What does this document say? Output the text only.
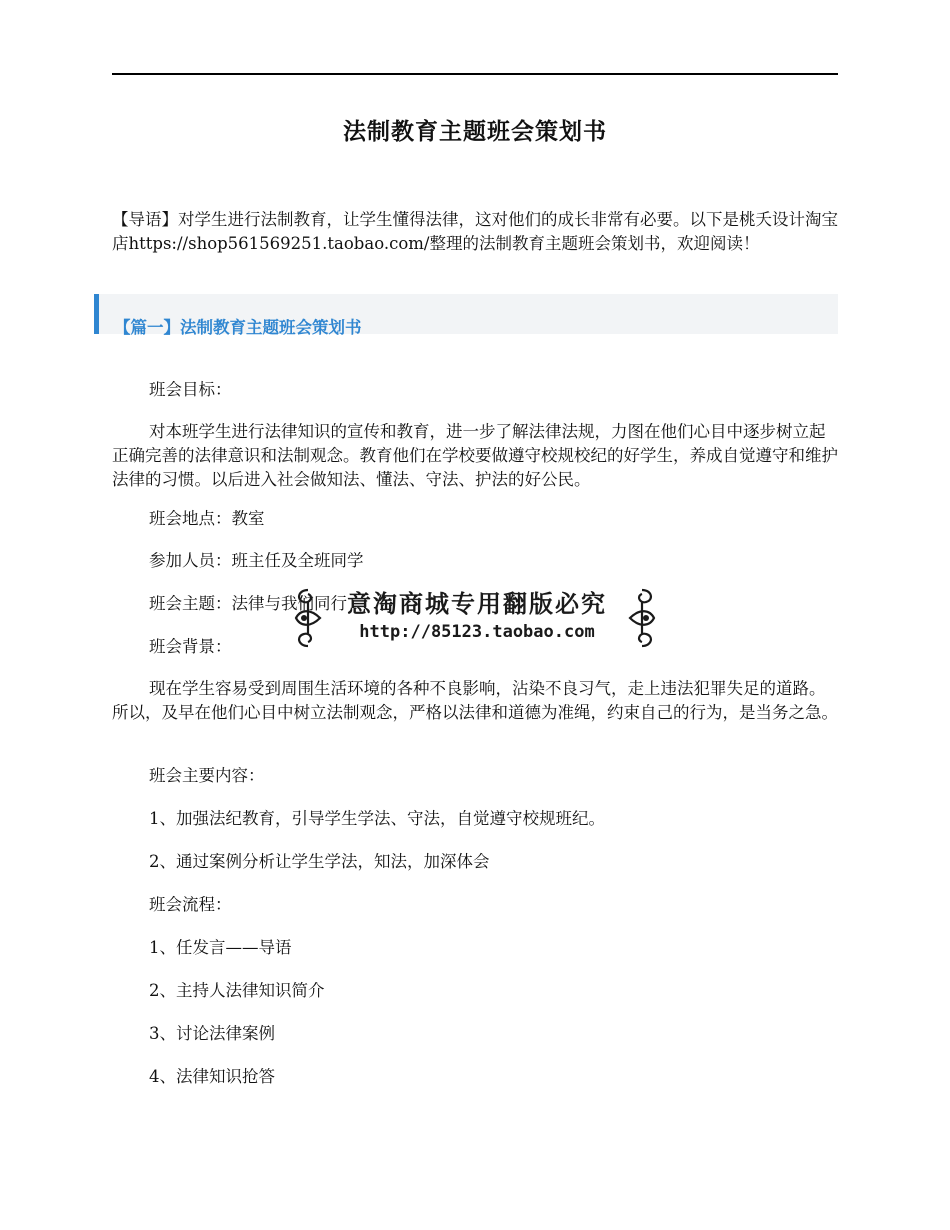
法制教育主题班会策划书

【导语】对学生进行法制教育，让学生懂得法律，这对他们的成长非常有必要。以下是桃夭设计淘宝店https://shop561569251.taobao.com/整理的法制教育主题班会策划书，欢迎阅读！

【篇一】法制教育主题班会策划书

班会目标：

对本班学生进行法律知识的宣传和教育，进一步了解法律法规，力图在他们心目中逐步树立起正确完善的法律意识和法制观念。教育他们在学校要做遵守校规校纪的好学生，养成自觉遵守和维护法律的习惯。以后进入社会做知法、懂法、守法、护法的好公民。

班会地点：教室

参加人员：班主任及全班同学

班会主题：法律与我们同行

班会背景：

现在学生容易受到周围生活环境的各种不良影响，沾染不良习气，走上违法犯罪失足的道路。所以，及早在他们心目中树立法制观念，严格以法律和道德为准绳，约束自己的行为，是当务之急。

班会主要内容：

1、加强法纪教育，引导学生学法、守法，自觉遵守校规班纪。

2、通过案例分析让学生学法，知法，加深体会

班会流程：

1、任发言——导语

2、主持人法律知识简介

3、讨论法律案例

4、法律知识抢答

意淘商城专用翻版必究
http://85123.taobao.com
